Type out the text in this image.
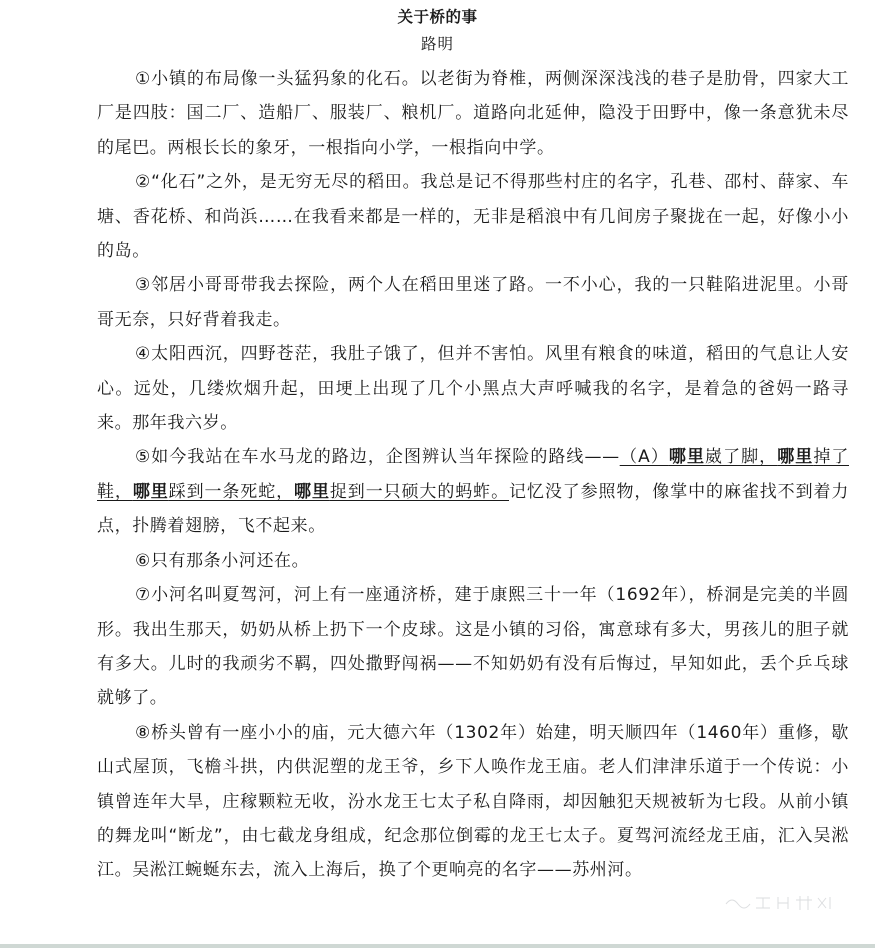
关于桥的事
路明

①小镇的布局像一头猛犸象的化石。以老街为脊椎，两侧深深浅浅的巷子是肋骨，四家大工厂是四肢：国二厂、造船厂、服装厂、粮机厂。道路向北延伸，隐没于田野中，像一条意犹未尽的尾巴。两根长长的象牙，一根指向小学，一根指向中学。

②“化石”之外，是无穷无尽的稻田。我总是记不得那些村庄的名字，孔巷、邵村、薛家、车塘、香花桥、和尚浜……在我看来都是一样的，无非是稻浪中有几间房子聚拢在一起，好像小小的岛。

③邻居小哥哥带我去探险，两个人在稻田里迷了路。一不小心，我的一只鞋陷进泥里。小哥哥无奈，只好背着我走。

④太阳西沉，四野苍茫，我肚子饿了，但并不害怕。风里有粮食的味道，稻田的气息让人安心。远处，几缕炊烟升起，田埂上出现了几个小黑点大声呼喊我的名字，是着急的爸妈一路寻来。那年我六岁。

⑤如今我站在车水马龙的路边，企图辨认当年探险的路线——（A）哪里崴了脚，哪里掉了鞋，哪里踩到一条死蛇，哪里捉到一只硕大的蚂蚱。记忆没了参照物，像掌中的麻雀找不到着力点，扑腾着翅膀，飞不起来。

⑥只有那条小河还在。

⑦小河名叫夏驾河，河上有一座通济桥，建于康熙三十一年（1692年），桥洞是完美的半圆形。我出生那天，奶奶从桥上扔下一个皮球。这是小镇的习俗，寓意球有多大，男孩儿的胆子就有多大。儿时的我顽劣不羁，四处撒野闯祸——不知奶奶有没有后悔过，早知如此，丢个乒乓球就够了。

⑧桥头曾有一座小小的庙，元大德六年（1302年）始建，明天顺四年（1460年）重修，歇山式屋顶，飞檐斗拱，内供泥塑的龙王爷，乡下人唤作龙王庙。老人们津津乐道于一个传说：小镇曾连年大旱，庄稼颗粒无收，汾水龙王七太子私自降雨，却因触犯天规被斩为七段。从前小镇的舞龙叫“断龙”，由七截龙身组成，纪念那位倒霉的龙王七太子。夏驾河流经龙王庙，汇入吴淞江。吴淞江蜿蜒东去，流入上海后，换了个更响亮的名字——苏州河。
